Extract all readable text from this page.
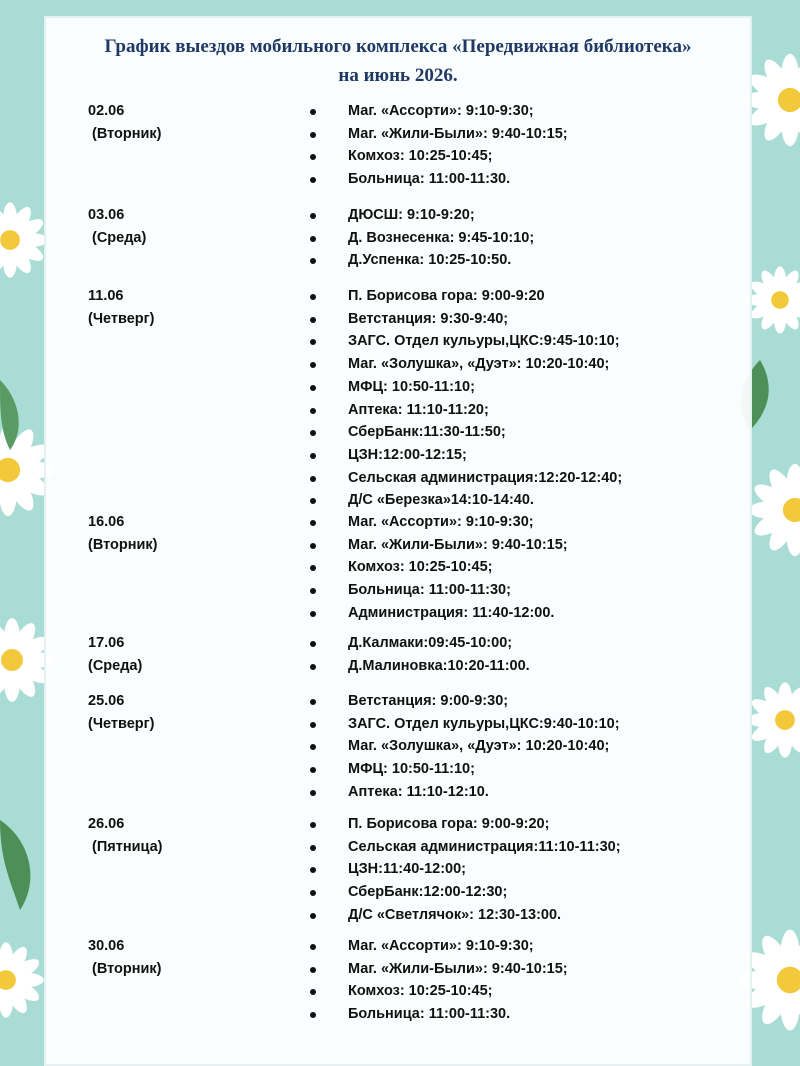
График выездов мобильного комплекса «Передвижная библиотека»
на июнь 2026.
02.06
(Вторник)
Маг. «Ассорти»: 9:10-9:30;
Маг. «Жили-Были»: 9:40-10:15;
Комхоз: 10:25-10:45;
Больница: 11:00-11:30.
03.06
(Среда)
ДЮСШ: 9:10-9:20;
Д. Вознесенка: 9:45-10:10;
Д.Успенка: 10:25-10:50.
11.06
(Четверг)
П. Борисова гора: 9:00-9:20
Ветстанция: 9:30-9:40;
ЗАГС. Отдел кульуры,ЦКС:9:45-10:10;
Маг. «Золушка», «Дуэт»: 10:20-10:40;
МФЦ: 10:50-11:10;
Аптека: 11:10-11:20;
СберБанк:11:30-11:50;
ЦЗН:12:00-12:15;
Сельская администрация:12:20-12:40;
Д/С «Березка»14:10-14:40.
16.06
(Вторник)
Маг. «Ассорти»: 9:10-9:30;
Маг. «Жили-Были»: 9:40-10:15;
Комхоз: 10:25-10:45;
Больница: 11:00-11:30;
Администрация: 11:40-12:00.
17.06
(Среда)
Д.Калмаки:09:45-10:00;
Д.Малиновка:10:20-11:00.
25.06
(Четверг)
Ветстанция: 9:00-9:30;
ЗАГС. Отдел кульуры,ЦКС:9:40-10:10;
Маг. «Золушка», «Дуэт»: 10:20-10:40;
МФЦ: 10:50-11:10;
Аптека: 11:10-12:10.
26.06
(Пятница)
П. Борисова гора: 9:00-9:20;
Сельская администрация:11:10-11:30;
ЦЗН:11:40-12:00;
СберБанк:12:00-12:30;
Д/С «Светлячок»: 12:30-13:00.
30.06
(Вторник)
Маг. «Ассорти»: 9:10-9:30;
Маг. «Жили-Были»: 9:40-10:15;
Комхоз: 10:25-10:45;
Больница: 11:00-11:30.
